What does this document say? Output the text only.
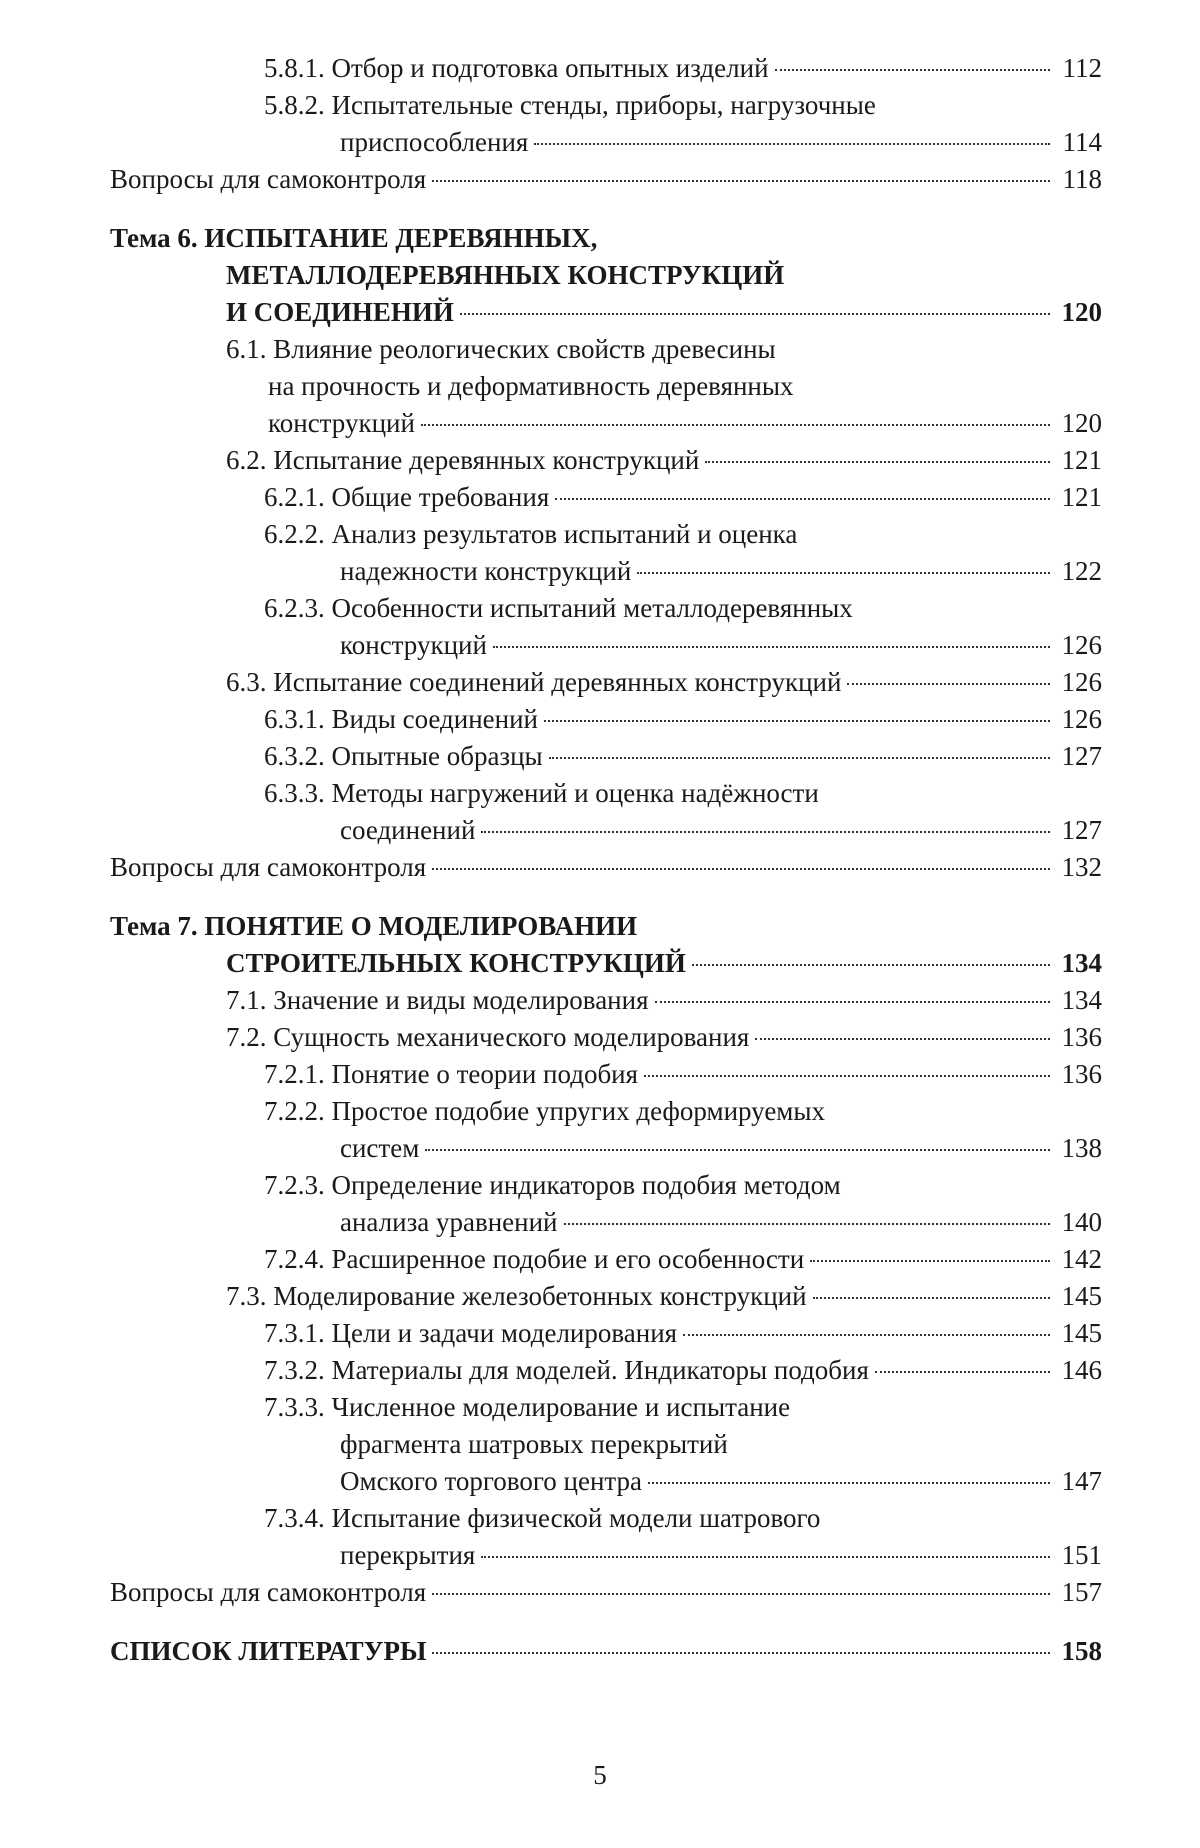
5.8.1. Отбор и подготовка опытных изделий	112
5.8.2. Испытательные стенды, приборы, нагрузочные
приспособления	114
Вопросы для самоконтроля	118
Тема 6. ИСПЫТАНИЕ ДЕРЕВЯННЫХ,
МЕТАЛЛОДЕРЕВЯННЫХ КОНСТРУКЦИЙ
И СОЕДИНЕНИЙ	120
6.1. Влияние реологических свойств древесины
на прочность и деформативность деревянных
конструкций	120
6.2. Испытание деревянных конструкций	121
6.2.1. Общие требования	121
6.2.2. Анализ результатов испытаний и оценка
надежности конструкций	122
6.2.3. Особенности испытаний металлодеревянных
конструкций	126
6.3. Испытание соединений деревянных конструкций	126
6.3.1. Виды соединений	126
6.3.2. Опытные образцы	127
6.3.3. Методы нагружений и оценка надёжности
соединений	127
Вопросы для самоконтроля	132
Тема 7. ПОНЯТИЕ О МОДЕЛИРОВАНИИ
СТРОИТЕЛЬНЫХ КОНСТРУКЦИЙ	134
7.1. Значение и виды моделирования	134
7.2. Сущность механического моделирования	136
7.2.1. Понятие о теории подобия	136
7.2.2. Простое подобие упругих деформируемых
систем	138
7.2.3. Определение индикаторов подобия методом
анализа уравнений	140
7.2.4. Расширенное подобие и его особенности	142
7.3. Моделирование железобетонных конструкций	145
7.3.1. Цели и задачи моделирования	145
7.3.2. Материалы для моделей. Индикаторы подобия	146
7.3.3. Численное моделирование и испытание
фрагмента шатровых перекрытий
Омского торгового центра	147
7.3.4. Испытание физической модели шатрового
перекрытия	151
Вопросы для самоконтроля	157
СПИСОК ЛИТЕРАТУРЫ	158
5
